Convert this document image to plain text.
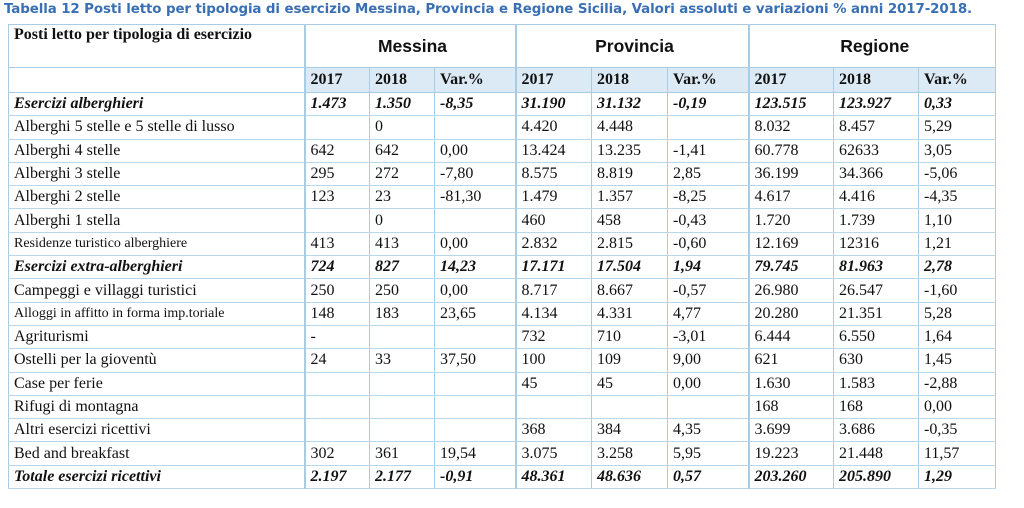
Tabella 12 Posti letto per tipologia di esercizio Messina, Provincia e Regione Sicilia, Valori assoluti e variazioni % anni 2017-2018.
Posti letto per tipologia di esercizio	Messina			Provincia			Regione		
	2017	2018	Var.%	2017	2018	Var.%	2017	2018	Var.%
Esercizi alberghieri	1.473	1.350	-8,35	31.190	31.132	-0,19	123.515	123.927	0,33
Alberghi 5 stelle e 5 stelle di lusso		0		4.420	4.448		8.032	8.457	5,29
Alberghi 4 stelle	642	642	0,00	13.424	13.235	-1,41	60.778	62633	3,05
Alberghi 3 stelle	295	272	-7,80	8.575	8.819	2,85	36.199	34.366	-5,06
Alberghi 2 stelle	123	23	-81,30	1.479	1.357	-8,25	4.617	4.416	-4,35
Alberghi 1 stella		0		460	458	-0,43	1.720	1.739	1,10
Residenze turistico alberghiere	413	413	0,00	2.832	2.815	-0,60	12.169	12316	1,21
Esercizi extra-alberghieri	724	827	14,23	17.171	17.504	1,94	79.745	81.963	2,78
Campeggi e villaggi turistici	250	250	0,00	8.717	8.667	-0,57	26.980	26.547	-1,60
Alloggi in affitto in forma imp.toriale	148	183	23,65	4.134	4.331	4,77	20.280	21.351	5,28
Agriturismi	-			732	710	-3,01	6.444	6.550	1,64
Ostelli per la gioventù	24	33	37,50	100	109	9,00	621	630	1,45
Case per ferie				45	45	0,00	1.630	1.583	-2,88
Rifugi di montagna							168	168	0,00
Altri esercizi ricettivi				368	384	4,35	3.699	3.686	-0,35
Bed and breakfast	302	361	19,54	3.075	3.258	5,95	19.223	21.448	11,57
Totale esercizi ricettivi	2.197	2.177	-0,91	48.361	48.636	0,57	203.260	205.890	1,29
